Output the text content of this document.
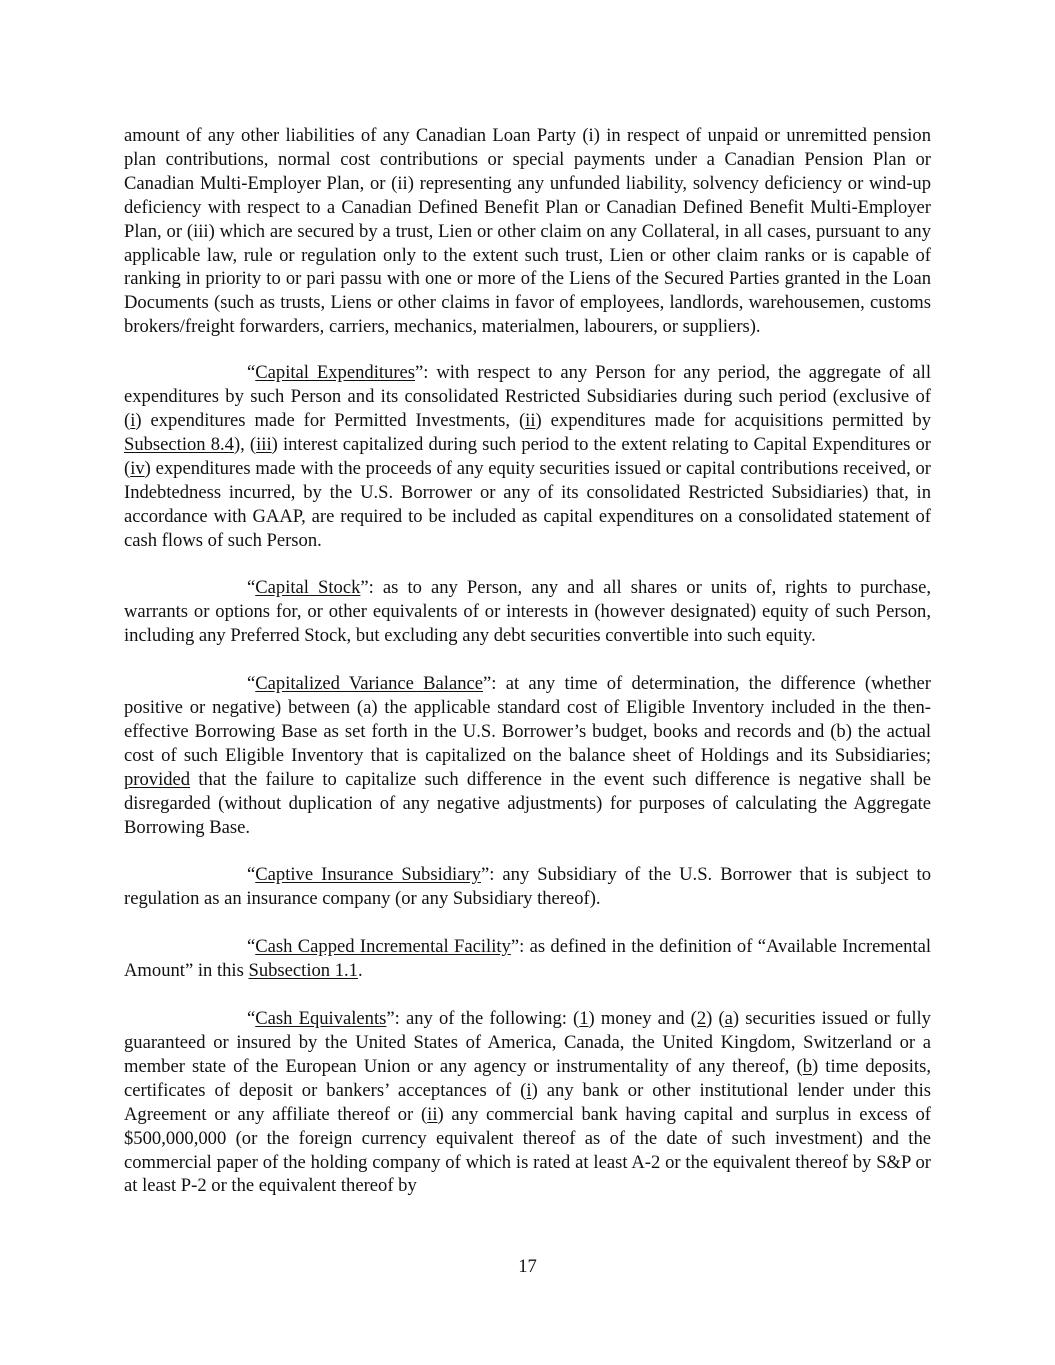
amount of any other liabilities of any Canadian Loan Party (i) in respect of unpaid or unremitted pension plan contributions, normal cost contributions or special payments under a Canadian Pension Plan or Canadian Multi-Employer Plan, or (ii) representing any unfunded liability, solvency deficiency or wind-up deficiency with respect to a Canadian Defined Benefit Plan or Canadian Defined Benefit Multi-Employer Plan, or (iii) which are secured by a trust, Lien or other claim on any Collateral, in all cases, pursuant to any applicable law, rule or regulation only to the extent such trust, Lien or other claim ranks or is capable of ranking in priority to or pari passu with one or more of the Liens of the Secured Parties granted in the Loan Documents (such as trusts, Liens or other claims in favor of employees, landlords, warehousemen, customs brokers/freight forwarders, carriers, mechanics, materialmen, labourers, or suppliers).

“Capital Expenditures”: with respect to any Person for any period, the aggregate of all expenditures by such Person and its consolidated Restricted Subsidiaries during such period (exclusive of (i) expenditures made for Permitted Investments, (ii) expenditures made for acquisitions permitted by Subsection 8.4), (iii) interest capitalized during such period to the extent relating to Capital Expenditures or (iv) expenditures made with the proceeds of any equity securities issued or capital contributions received, or Indebtedness incurred, by the U.S. Borrower or any of its consolidated Restricted Subsidiaries) that, in accordance with GAAP, are required to be included as capital expenditures on a consolidated statement of cash flows of such Person.

“Capital Stock”: as to any Person, any and all shares or units of, rights to purchase, warrants or options for, or other equivalents of or interests in (however designated) equity of such Person, including any Preferred Stock, but excluding any debt securities convertible into such equity.

“Capitalized Variance Balance”: at any time of determination, the difference (whether positive or negative) between (a) the applicable standard cost of Eligible Inventory included in the then-effective Borrowing Base as set forth in the U.S. Borrower’s budget, books and records and (b) the actual cost of such Eligible Inventory that is capitalized on the balance sheet of Holdings and its Subsidiaries; provided that the failure to capitalize such difference in the event such difference is negative shall be disregarded (without duplication of any negative adjustments) for purposes of calculating the Aggregate Borrowing Base.

“Captive Insurance Subsidiary”: any Subsidiary of the U.S. Borrower that is subject to regulation as an insurance company (or any Subsidiary thereof).

“Cash Capped Incremental Facility”: as defined in the definition of “Available Incremental Amount” in this Subsection 1.1.

“Cash Equivalents”: any of the following: (1) money and (2) (a) securities issued or fully guaranteed or insured by the United States of America, Canada, the United Kingdom, Switzerland or a member state of the European Union or any agency or instrumentality of any thereof, (b) time deposits, certificates of deposit or bankers’ acceptances of (i) any bank or other institutional lender under this Agreement or any affiliate thereof or (ii) any commercial bank having capital and surplus in excess of $500,000,000 (or the foreign currency equivalent thereof as of the date of such investment) and the commercial paper of the holding company of which is rated at least A-2 or the equivalent thereof by S&P or at least P-2 or the equivalent thereof by

17
